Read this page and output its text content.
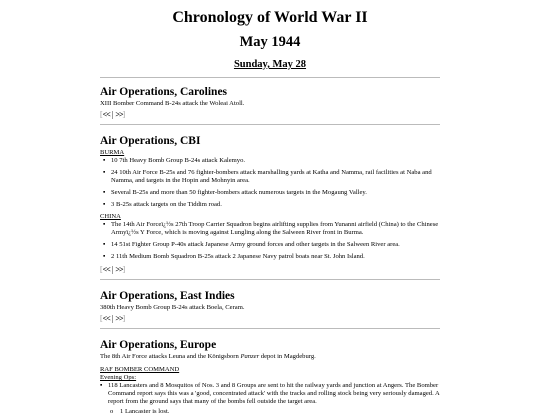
Chronology of World War II
May 1944
Sunday, May 28
Air Operations, Carolines

XIII Bomber Command B-24s attack the Woleai Atoll.

[<< | >>]
Air Operations, CBI

BURMA

▪ 10 7th Heavy Bomb Group B-24s attack Kalemyo.
▪ 24 10th Air Force B-25s and 76 fighter-bombers attack marshalling yards at Katha and Namma, rail facilities at Naba and Namma, and targets in the Hopin and Mohnyin area.
▪ Several B-25s and more than 50 fighter-bombers attack numerous targets in the Mogaung Valley.
▪ 3 B-25s attack targets on the Tiddim road.

CHINA

▪ The 14th Air Forceï¿½s 27th Troop Carrier Squadron begins airlifting supplies from Yunanni airfield (China) to the Chinese Armyï¿½s Y Force, which is moving against Lungling along the Salween River front in Burma.
▪ 14 51st Fighter Group P-40s attack Japanese Army ground forces and other targets in the Salween River area.
▪ 2 11th Medium Bomb Squadron B-25s attack 2 Japanese Navy patrol boats near St. John Island.
[<< | >>]
Air Operations, East Indies

380th Heavy Bomb Group B-24s attack Boela, Ceram.

[<< | >>]
Air Operations, Europe

The 8th Air Force attacks Leuna and the Königsborn Panzer depot in Magdeburg.

RAF BOMBER COMMAND

Evening Ops:

▪ 118 Lancasters and 8 Mosquitos of Nos. 3 and 8 Groups are sent to hit the railway yards and junction at Angers. The Bomber Command report says this was a 'good, concentrated attack' with the tracks and rolling stock being very seriously damaged. A report from the ground says that many of the bombs fell outside the target area.
o 1 Lancaster is lost.
